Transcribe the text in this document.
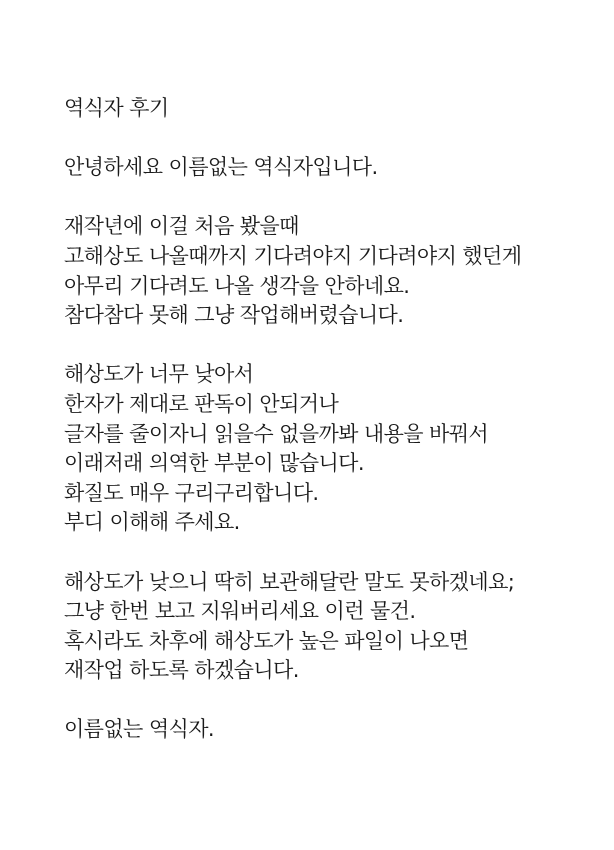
역식자 후기
안녕하세요 이름없는 역식자입니다.
재작년에 이걸 처음 봤을때
고해상도 나올때까지 기다려야지 기다려야지 했던게
아무리 기다려도 나올 생각을 안하네요.
참다참다 못해 그냥 작업해버렸습니다.
해상도가 너무 낮아서
한자가 제대로 판독이 안되거나
글자를 줄이자니 읽을수 없을까봐 내용을 바꿔서
이래저래 의역한 부분이 많습니다.
화질도 매우 구리구리합니다.
부디 이해해 주세요.
해상도가 낮으니 딱히 보관해달란 말도 못하겠네요;
그냥 한번 보고 지워버리세요 이런 물건.
혹시라도 차후에 해상도가 높은 파일이 나오면
재작업 하도록 하겠습니다.
이름없는 역식자.
